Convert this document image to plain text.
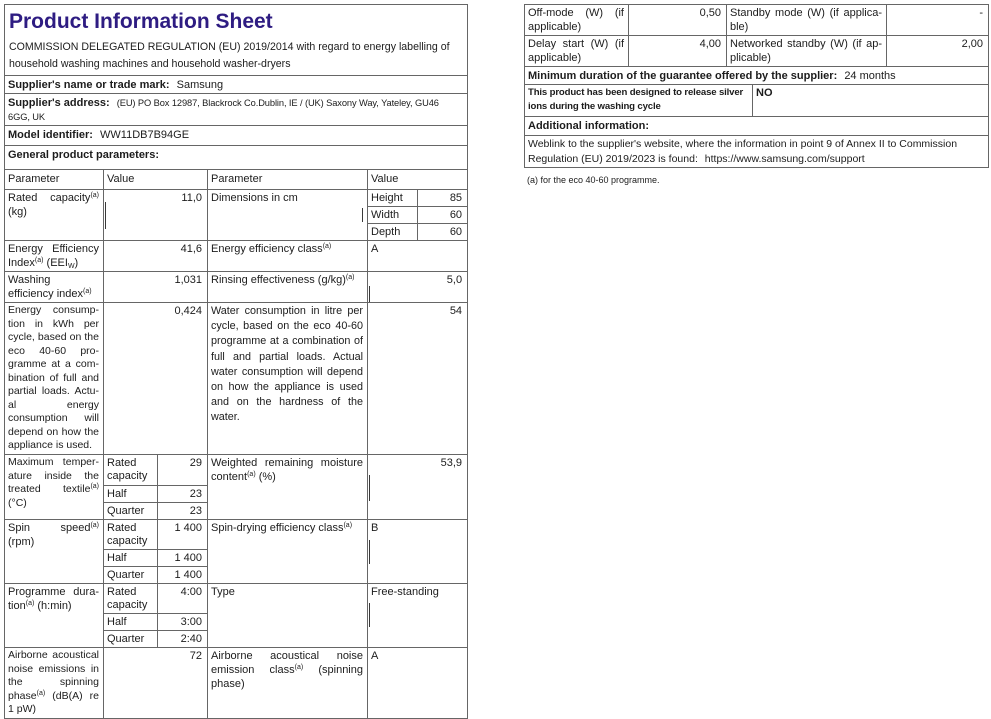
Product Information Sheet
COMMISSION DELEGATED REGULATION (EU) 2019/2014 with regard to energy labelling of household washing machines and household washer-dryers					

Supplier's name or trade mark: Samsung					
Supplier's address: (EU) PO Box 12987, Blackrock Co.Dublin, IE / (UK) Saxony Way, Yateley, GU46 6GG, UK					
Model identifier: WW11DB7B94GE					
General product parameters:					
Parameter	Value		Parameter	Value	
Rated capacity$^{(a)}$ (kg)	11,0		Dimensions in cm	Height	85
				Width	60
				Depth	60
Energy Efficiency Index$^{(a)}$ $(EEI_W)$	41,6		Energy efficiency class$^{(a)}$	A	
Washing efficiency index$^{(a)}$	1,031		Rinsing effectiveness $(g/kg)^{(a)}$	5,0	
Energy consumption in kWh per cycle, based on the eco 40-60 programme at a combination of full and partial loads. Actual energy consumption will depend on how the appliance is used.	0,424		Water consumption in litre per cycle, based on the eco 40-60 programme at a combination of full and partial loads. Actual water consumption will depend on how the appliance is used and on the hardness of the water.	54	
Maximum temperature inside the treated textile$^{(a)}$ (°C)	Rated capacity	29	Weighted remaining moisture content$^{(a)}$ (%)	53,9	
	Half	23			
	Quarter	23			
Spin speed$^{(a)}$ (rpm)	Rated capacity	1 400	Spin-drying efficiency class$^{(a)}$	B	
	Half	1 400			
	Quarter	1 400			
Programme duration$^{(a)}$ (h:min)	Rated capacity	4:00	Type	Free-standing	
	Half	3:00			
	Quarter	2:40			
Airborne acoustical noise emissions in the spinning phase$^{(a)}$ (dB(A) re 1 pW)	72		Airborne acoustical noise emission class$^{(a)}$ (spinning phase)	A	
Off-mode (W) (if applicable)	0,50	Standby mode (W) (if applicable)		-
Delay start (W) (if applicable)	4,00	Networked standby (W) (if applicable)		2,00
Minimum duration of the guarantee offered by the supplier: 24 months				
This product has been designed to release silver ions during the washing cycle			NO	
Additional information:				
Weblink to the supplier's website, where the information in point 9 of Annex II to Commission Regulation (EU) 2019/2023 is found: https://www.samsung.com/support				
(a) for the eco 40-60 programme.
